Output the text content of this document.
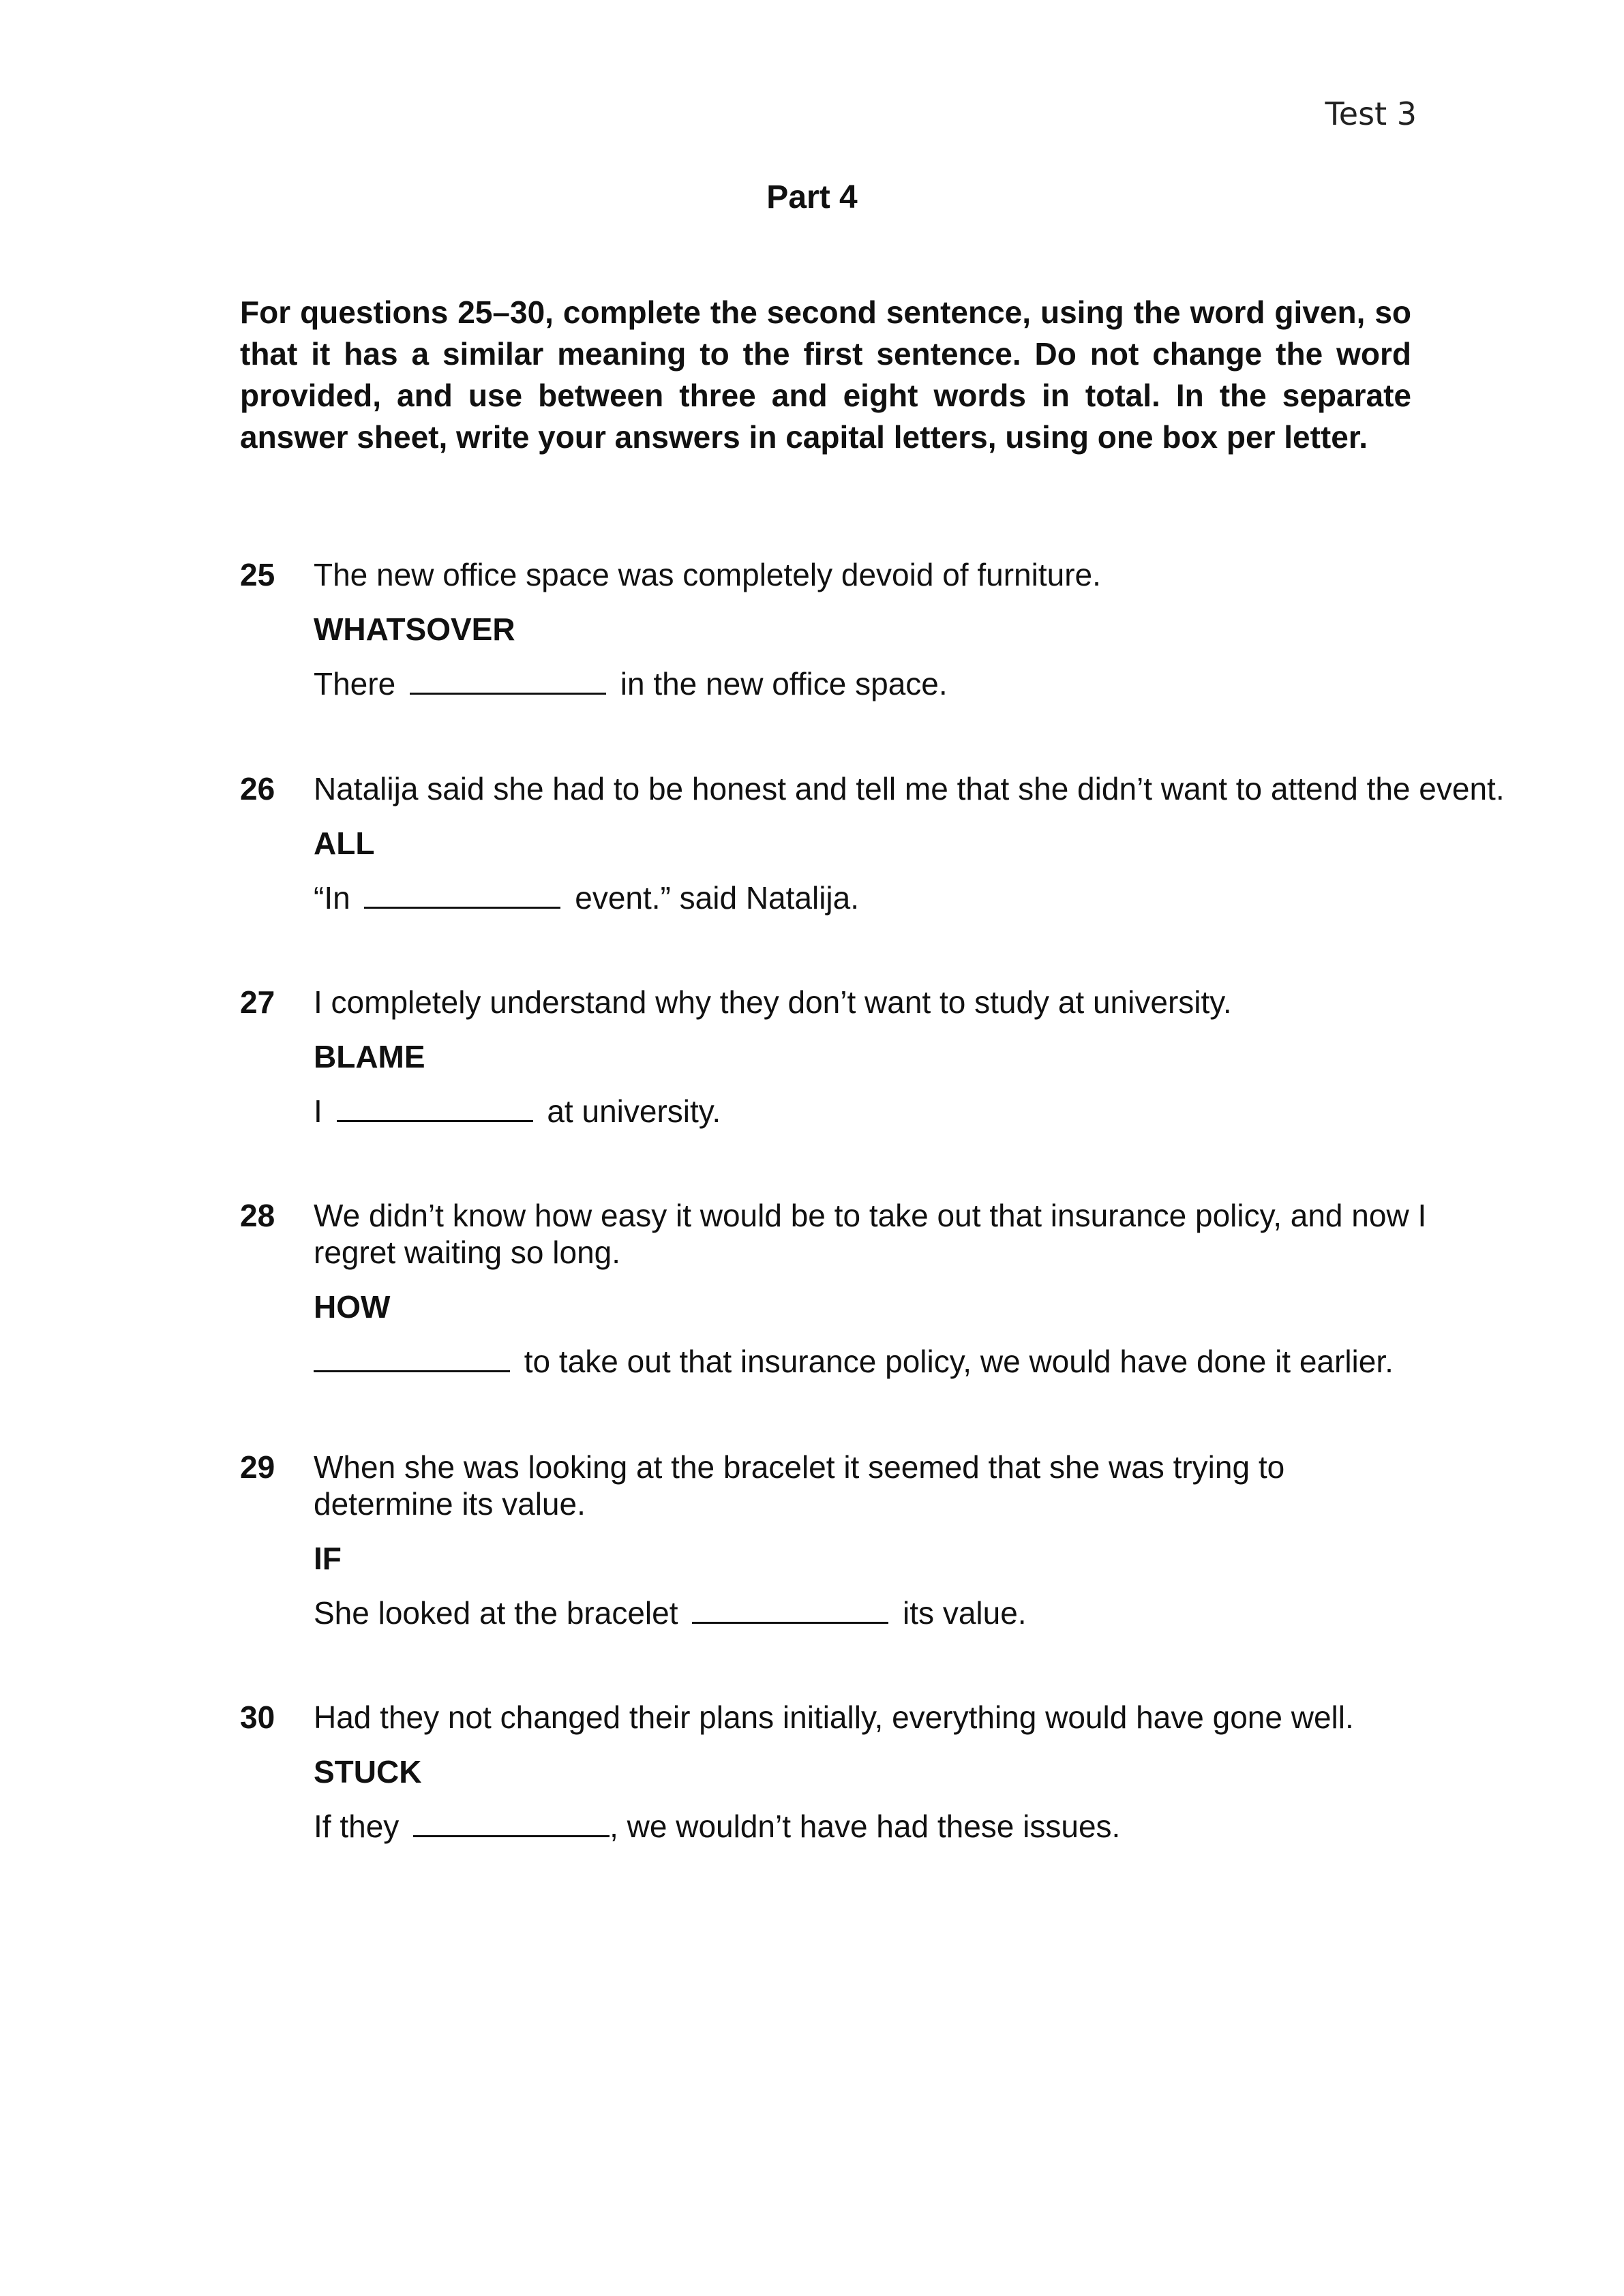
Test 3
Part 4
For questions 25–30, complete the second sentence, using the word given, so that it has a similar meaning to the first sentence. Do not change the word provided, and use between three and eight words in total. In the separate answer sheet, write your answers in capital letters, using one box per letter.
25 The new office space was completely devoid of furniture.
WHATSOVER
There	in the new office space.
26 Natalija said she had to be honest and tell me that she didn’t want to attend the event.
ALL
“In	event.” said Natalija.
27 I completely understand why they don’t want to study at university.
BLAME
I	at university.
28 We didn’t know how easy it would be to take out that insurance policy, and now I regret waiting so long.
HOW
to take out that insurance policy, we would have done it earlier.
29 When she was looking at the bracelet it seemed that she was trying to determine its value.
IF
She looked at the bracelet	its value.
30 Had they not changed their plans initially, everything would have gone well.
STUCK
If they	, we wouldn’t have had these issues.
